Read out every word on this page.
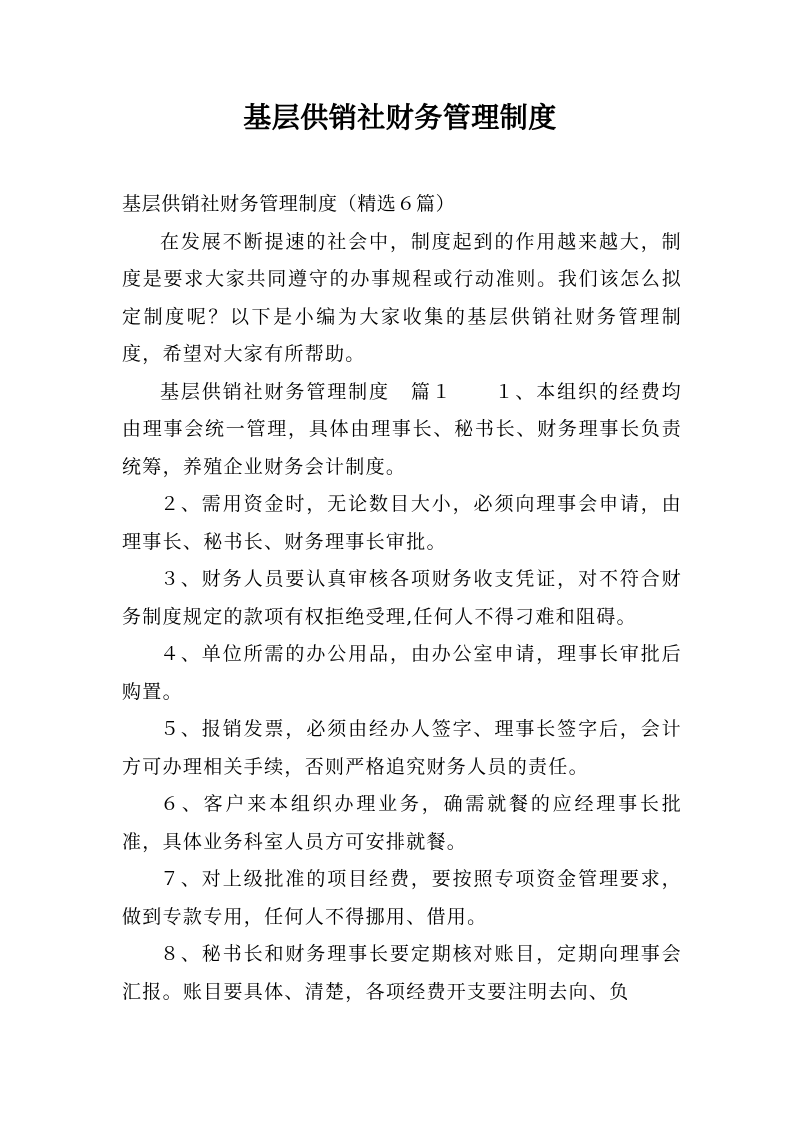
基层供销社财务管理制度

基层供销社财务管理制度（精选６篇）

在发展不断提速的社会中，制度起到的作用越来越大，制度是要求大家共同遵守的办事规程或行动准则。我们该怎么拟定制度呢？以下是小编为大家收集的基层供销社财务管理制度，希望对大家有所帮助。

基层供销社财务管理制度　篇１　　１、本组织的经费均由理事会统一管理，具体由理事长、秘书长、财务理事长负责统筹，养殖企业财务会计制度。

２、需用资金时，无论数目大小，必须向理事会申请，由理事长、秘书长、财务理事长审批。

３、财务人员要认真审核各项财务收支凭证，对不符合财务制度规定的款项有权拒绝受理,任何人不得刁难和阻碍。

４、单位所需的办公用品，由办公室申请，理事长审批后购置。

５、报销发票，必须由经办人签字、理事长签字后，会计方可办理相关手续，否则严格追究财务人员的责任。

６、客户来本组织办理业务，确需就餐的应经理事长批准，具体业务科室人员方可安排就餐。

７、对上级批准的项目经费，要按照专项资金管理要求，做到专款专用，任何人不得挪用、借用。

８、秘书长和财务理事长要定期核对账目，定期向理事会汇报。账目要具体、清楚，各项经费开支要注明去向、负
